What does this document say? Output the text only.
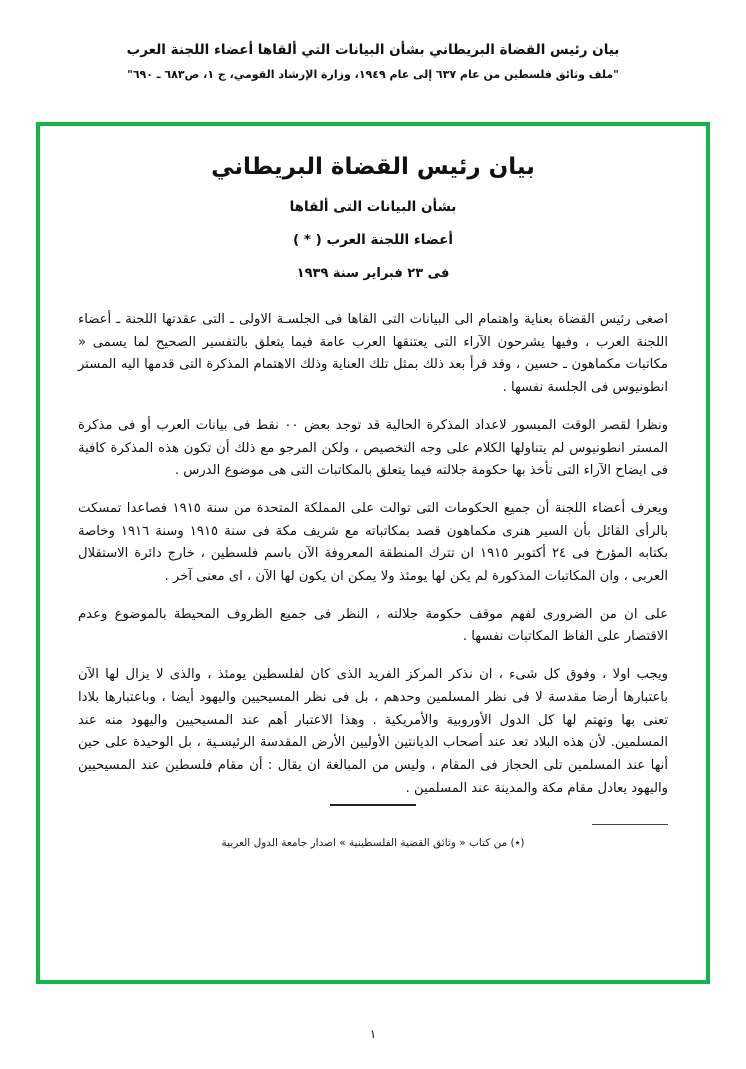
بيان رئيس القضاة البريطاني بشأن البيانات التي ألقاها أعضاء اللجنة العرب
"ملف وثائق فلسطين من عام ٦٣٧ إلى عام ١٩٤٩، وزارة الإرشاد القومي، ج ١، ص٦٨٣ ـ ٦٩٠"
بيان رئيس القضاة البريطاني
بشأن البيانات التى ألقاها
أعضاء اللجنة العرب ( * )
فى ٢٣ فبراير سنة ١٩٣٩

اصغى رئيس القضاة بعناية واهتمام الى البيانات التى القاها فى الجلسـة الاولى ـ التى عقدتها اللجنة ـ أعضاء اللجنة العرب ، وفيها يشرحون الآراء التى يعتنقها العرب عامة فيما يتعلق بالتفسير الصحيح لما يسمى « مكاتبات مكماهون ـ حسين ، وقد قرأ بعد ذلك بمثل تلك العناية وذلك الاهتمام المذكرة التى قدمها اليه المستر انطونيوس فى الجلسة نفسها .

ونظرا لقصر الوقت الميسور لاعداد المذكرة الحالية قد توجد بعض ٠٠ نقط فى بيانات العرب أو فى مذكرة المستر انطونيوس لم يتناولها الكلام على وجه التخصيص ، ولكن المرجو مع ذلك أن تكون هذه المذكرة كافية فى ايضاح الآراء التى تأخذ بها حكومة جلالته فيما يتعلق بالمكاتبات التى هى موضوع الدرس .

ويعرف أعضاء اللجنة أن جميع الحكومات التى توالت على المملكة المتحدة من سنة ١٩١٥ فصاعدا تمسكت بالرأى القائل بأن السير هنرى مكماهون قصد بمكاتباته مع شريف مكة فى سنة ١٩١٥ وسنة ١٩١٦ وخاصة بكتابه المؤرخ فى ٢٤ أكتوبر ١٩١٥ ان تترك المنطقة المعروفة الآن باسم فلسطين ، خارج دائرة الاستقلال العربى ، وان المكاتبات المذكورة لم يكن لها يومئذ ولا يمكن ان يكون لها الآن ، اى معنى آخر .

على ان من الضرورى لفهم موقف حكومة جلالته ، النظر فى جميع الظروف المحيطة بالموضوع وعدم الاقتصار على الفاظ المكاتبات نفسها .

ويجب اولا ، وفوق كل شىء ، ان نذكر المركز الفريد الذى كان لفلسطين يومئذ ، والذى لا يزال لها الآن باعتبارها أرضا مقدسة لا فى نظر المسلمين وحدهم ، بل فى نظر المسيحيين واليهود أيضا ، وباعتبارها بلادا تعنى بها وتهتم لها كل الدول الأوروبية والأمريكية . وهذا الاعتبار أهم عند المسيحيين واليهود منه عند المسلمين. لأن هذه البلاد تعد عند أصحاب الديانتين الأوليين الأرض المقدسة الرئيسـية ، بل الوحيدة على حين أنها عند المسلمين تلى الحجاز فى المقام ، وليس من المبالغة ان يقال : أن مقام فلسطين عند المسيحيين واليهود يعادل مقام مكة والمدينة عند المسلمين .

(٭) من كتاب « وثائق القضية الفلسطينية » اصدار جامعة الدول العربية
١
